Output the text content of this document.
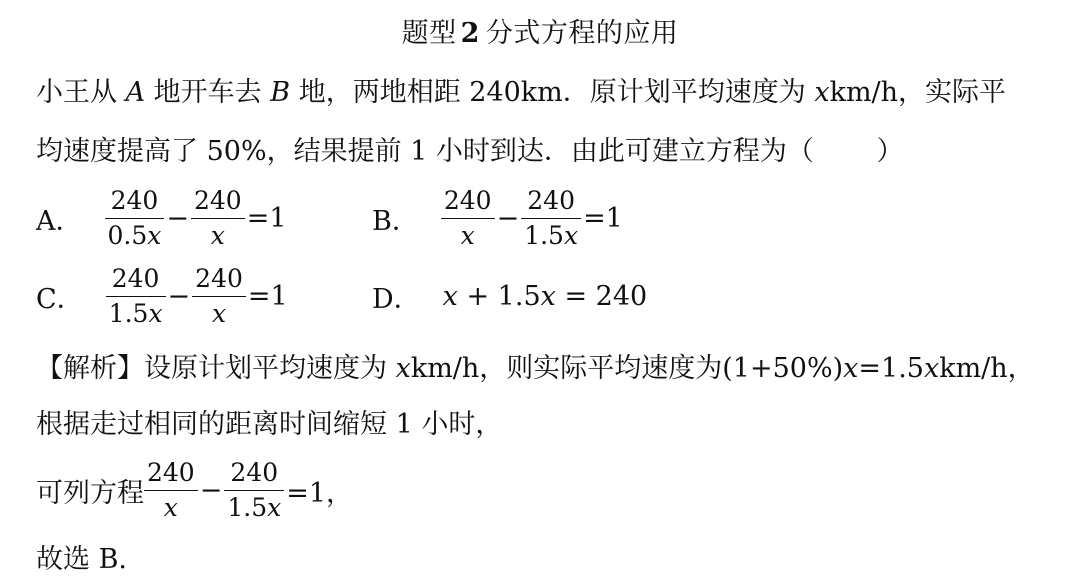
题型 2 分式方程的应用
小王从 A 地开车去 B 地，两地相距 240km．原计划平均速度为 xkm/h，实际平
均速度提高了 50%，结果提前 1 小时到达．由此可建立方程为（　　 ）
A． $\frac{240}{0.5x} - \frac{240}{x} =1$	B． $\frac{240}{x} - \frac{240}{1.5x} =1$
C． $\frac{240}{1.5x} - \frac{240}{x} =1$	D． x + 1.5 x = 240
【解析】设原计划平均速度为 xkm/h，则实际平均速度为(1+50%)x=1.5xkm/h，
根据走过相同的距离时间缩短 1 小时，
可列方程 $\frac{240}{x} - \frac{240}{1.5x} =1$，
故选 B.
